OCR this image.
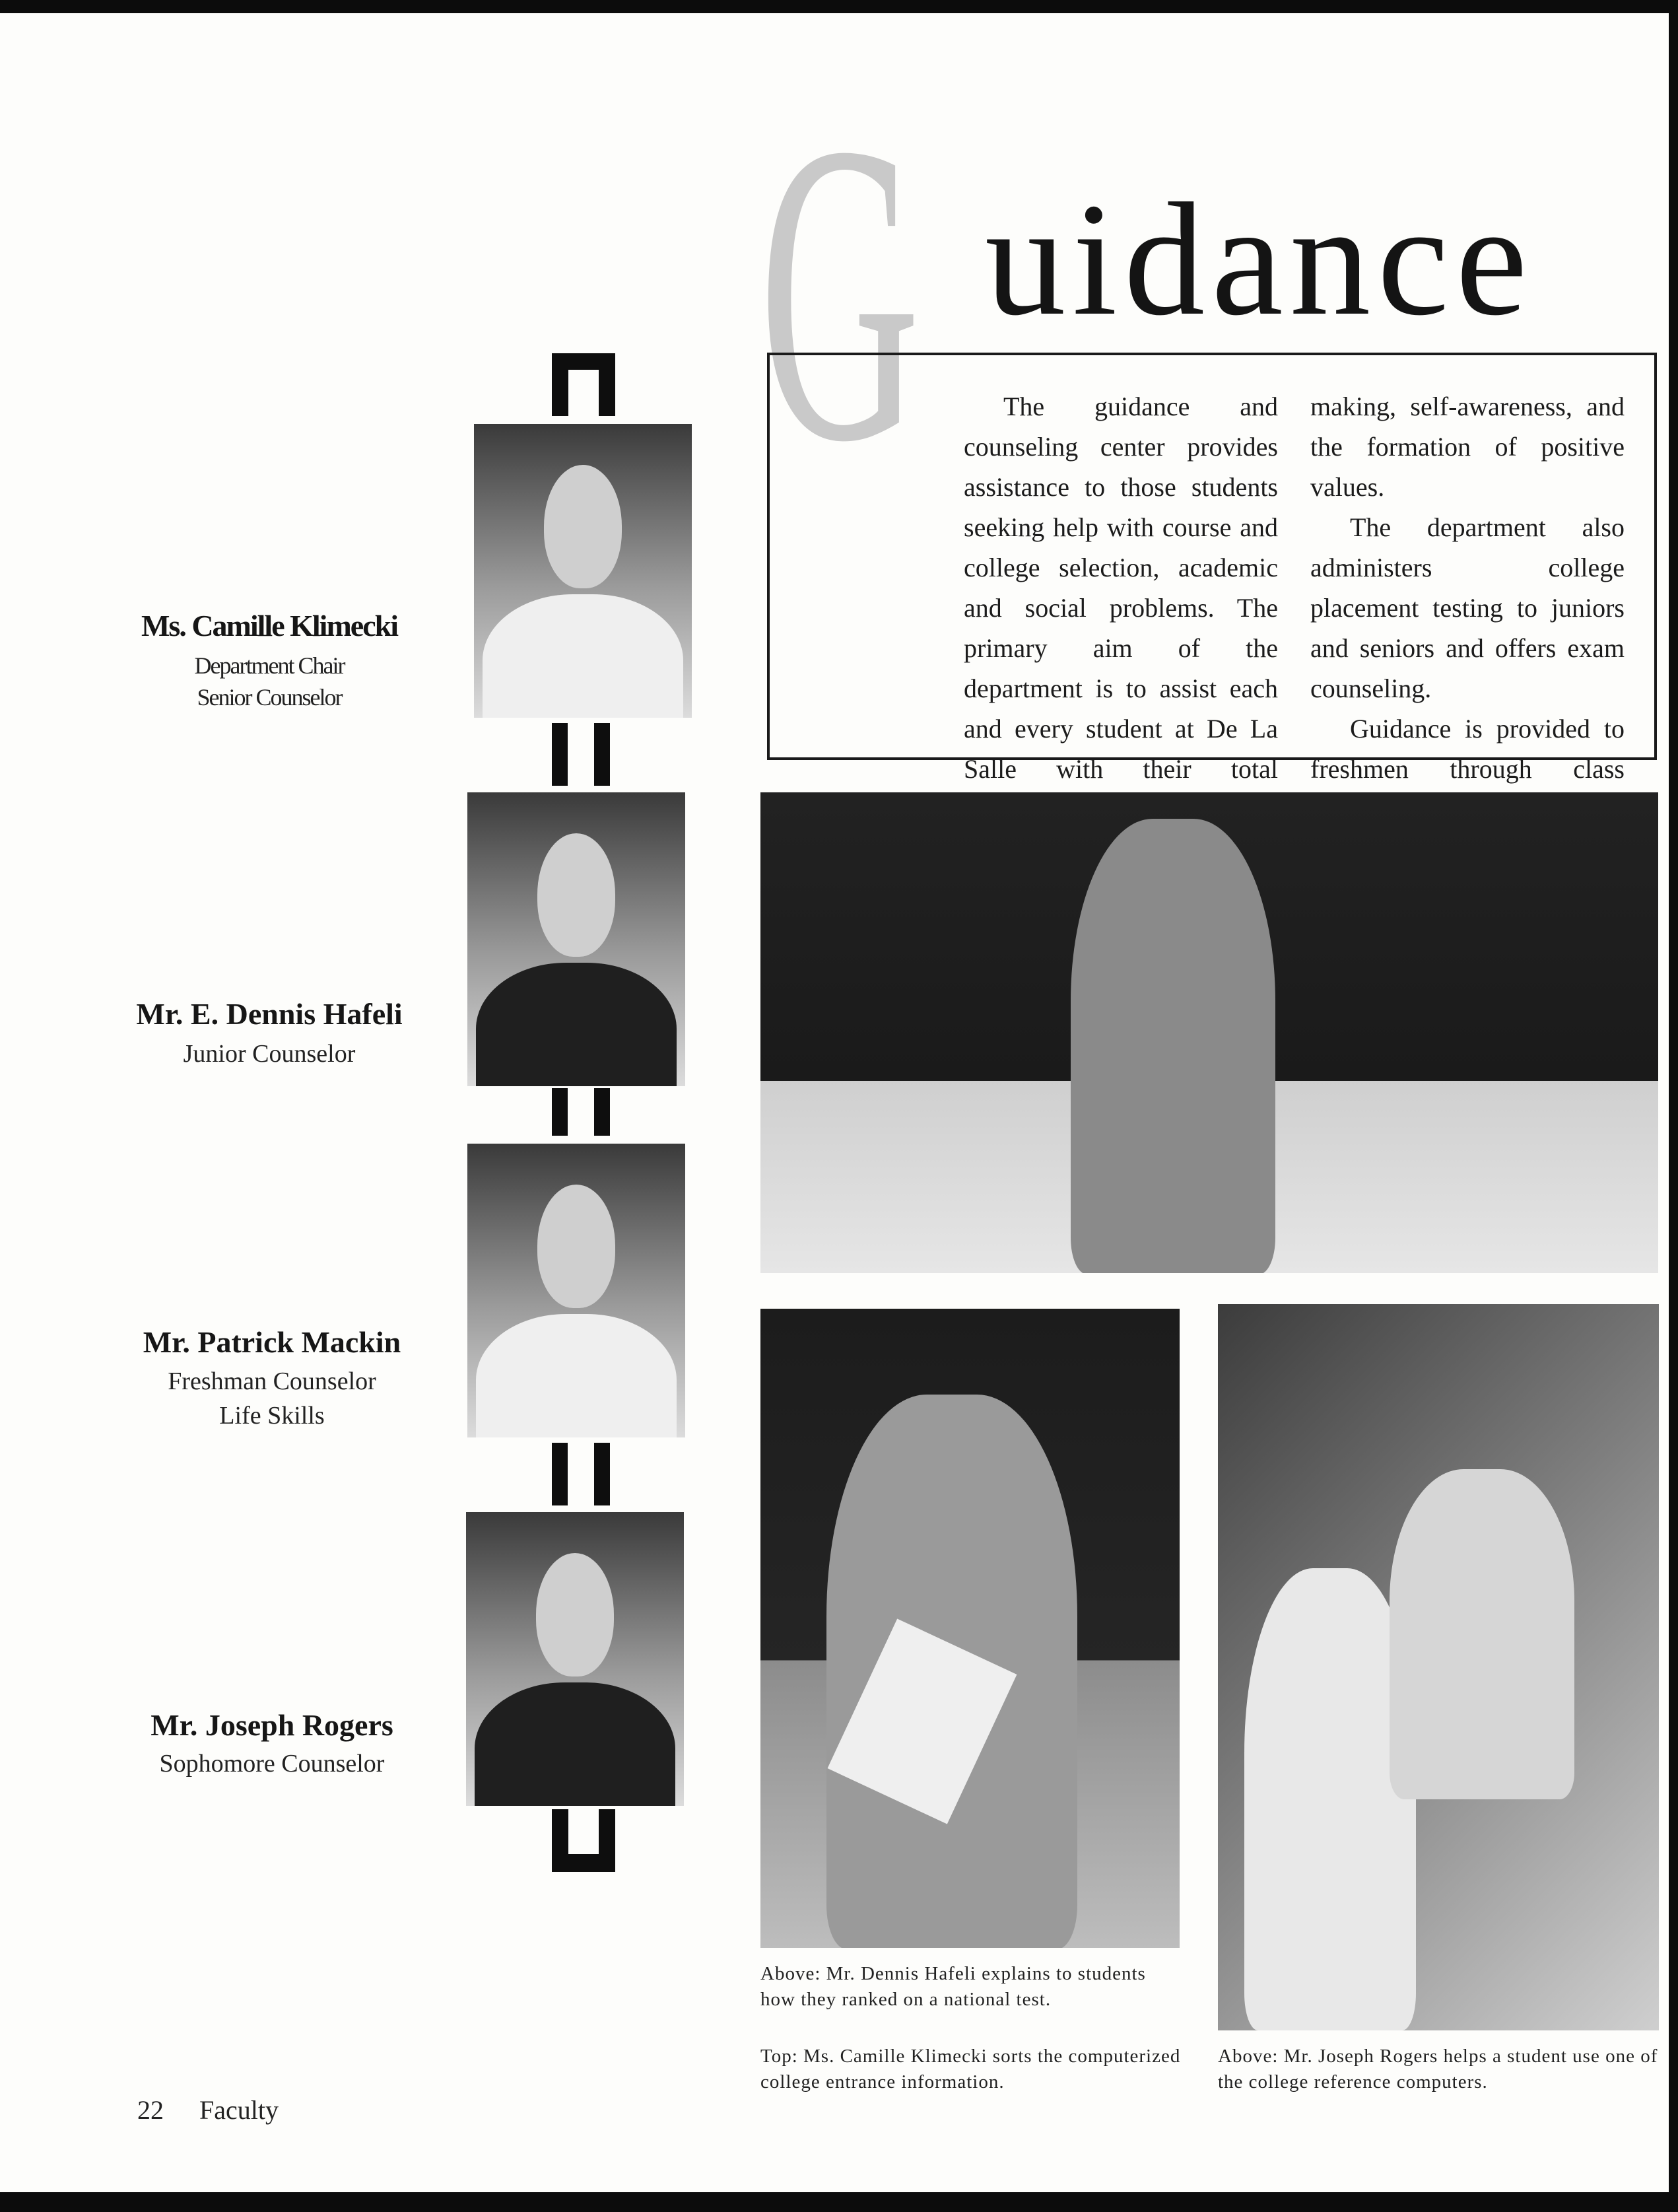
G uidance

The guidance and counseling center provides assistance to those students seeking help with course and college selection, academic and social problems. The primary aim of the department is to assist each and every student at De La Salle with their total

making, self-awareness, and the formation of positive values.

The department also administers college placement testing to juniors and seniors and offers exam counseling.

Guidance is provided to freshmen through class

Ms. Camille Klimecki
Department Chair
Senior Counselor
Mr. E. Dennis Hafeli
Junior Counselor
Mr. Patrick Mackin
Freshman Counselor
Life Skills
Mr. Joseph Rogers
Sophomore Counselor
Above: Mr. Dennis Hafeli explains to students how they ranked on a national test.
Top: Ms. Camille Klimecki sorts the computerized college entrance information.
Above: Mr. Joseph Rogers helps a student use one of the college reference computers.
22 Faculty
